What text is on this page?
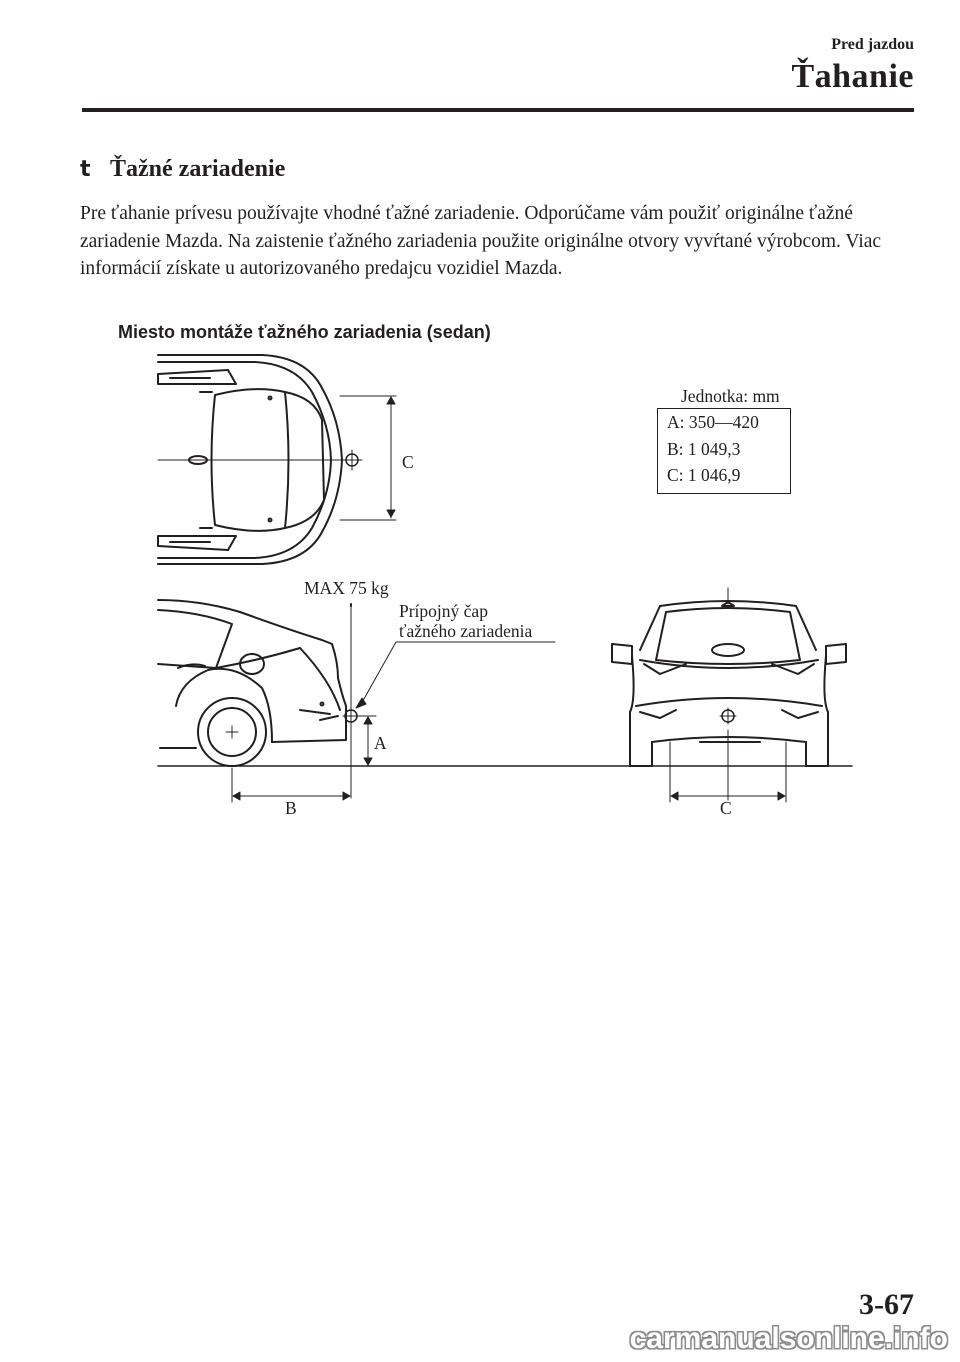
Pred jazdou
Ťahanie
t Ťažné zariadenie

Pre ťahanie prívesu používajte vhodné ťažné zariadenie. Odporúčame vám použiť originálne ťažné zariadenie Mazda. Na zaistenie ťažného zariadenia použite originálne otvory vyvŕtané výrobcom. Viac informácií získate u autorizovaného predajcu vozidiel Mazda.

Miesto montáže ťažného zariadenia (sedan)
C
MAX 75 kg
Prípojný čap
ťažného zariadenia
A
B	C
Jednotka: mm
A: 350—420
B: 1 049,3
C: 1 046,9
3-67
carmanualsonline.info
